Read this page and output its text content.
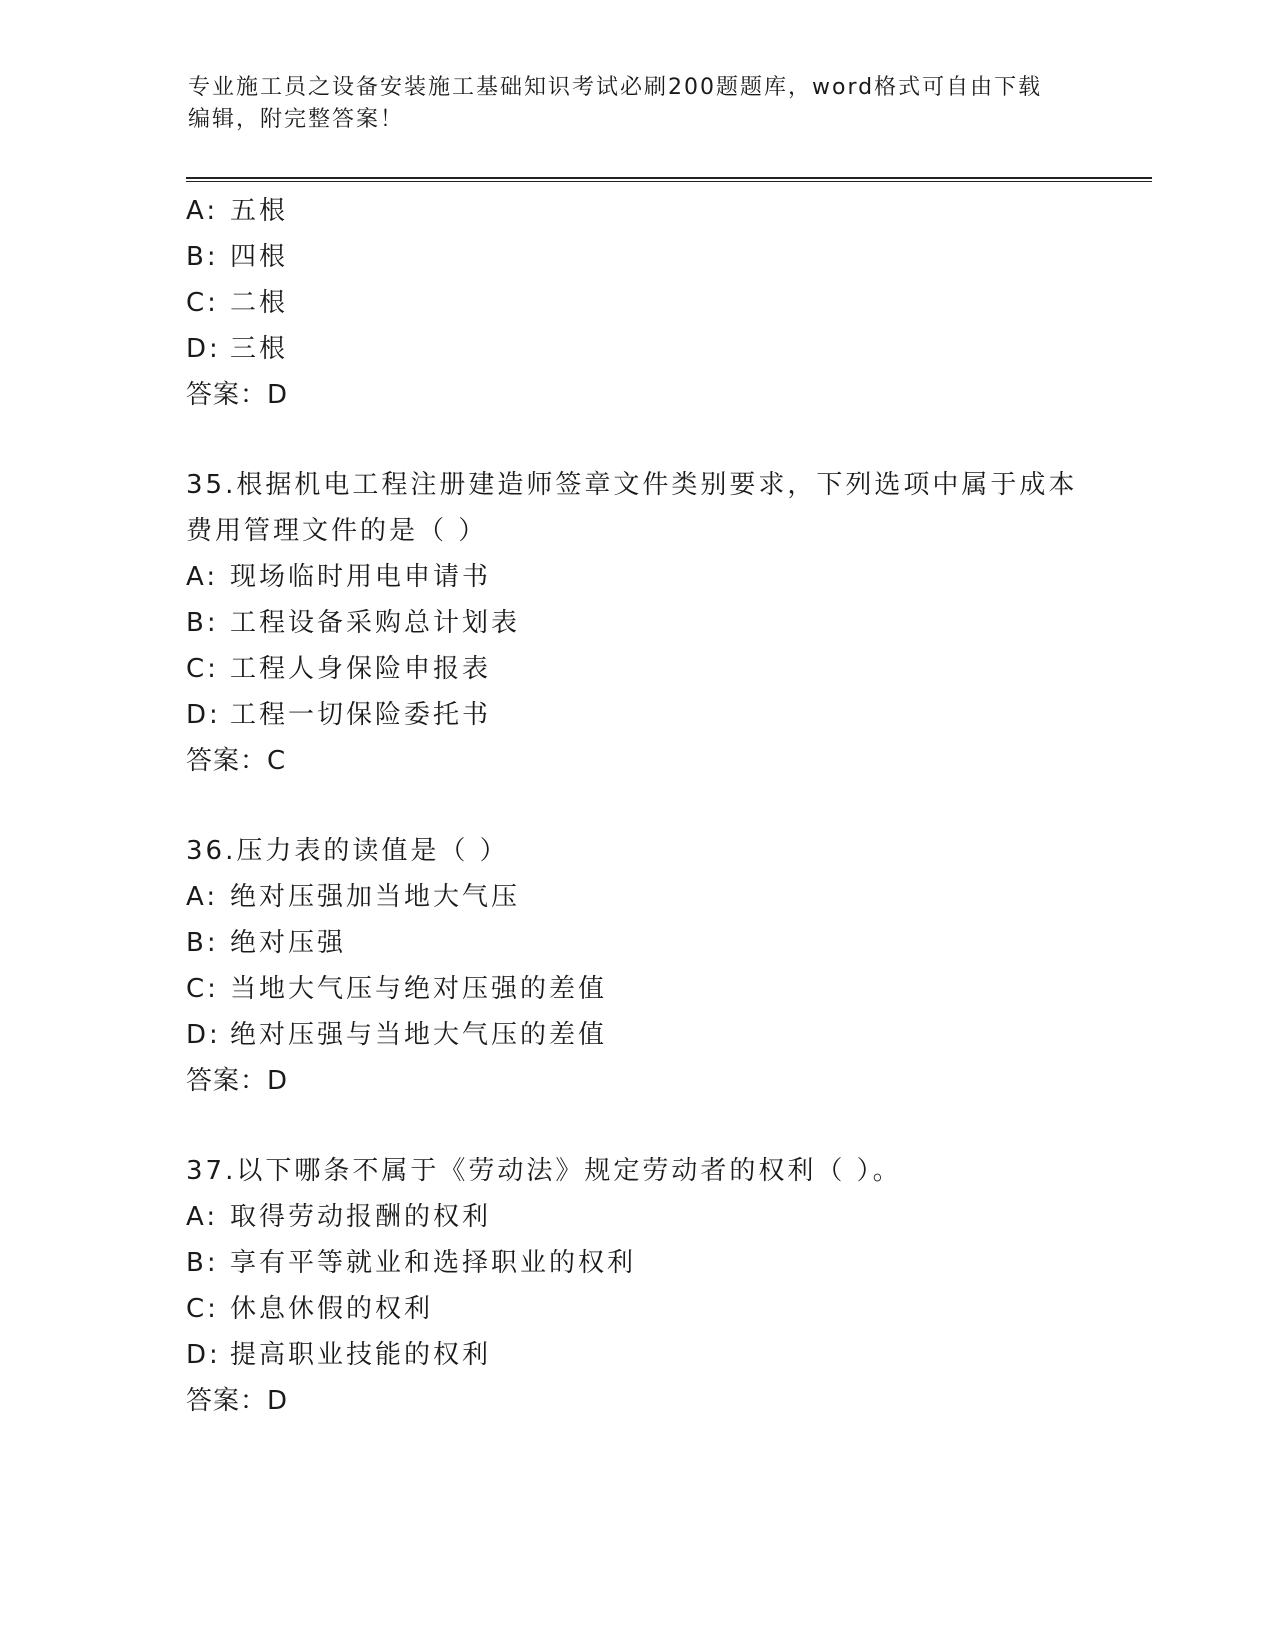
专业施工员之设备安装施工基础知识考试必刷200题题库，word格式可自由下载
编辑，附完整答案！
A: 五根
B: 四根
C: 二根
D: 三根
答案：D
35.根据机电工程注册建造师签章文件类别要求，下列选项中属于成本
费用管理文件的是（ ）
A: 现场临时用电申请书
B: 工程设备采购总计划表
C: 工程人身保险申报表
D: 工程一切保险委托书
答案：C
36.压力表的读值是（ ）
A: 绝对压强加当地大气压
B: 绝对压强
C: 当地大气压与绝对压强的差值
D: 绝对压强与当地大气压的差值
答案：D
37.以下哪条不属于《劳动法》规定劳动者的权利（ ）。
A: 取得劳动报酬的权利
B: 享有平等就业和选择职业的权利
C: 休息休假的权利
D: 提高职业技能的权利
答案：D
